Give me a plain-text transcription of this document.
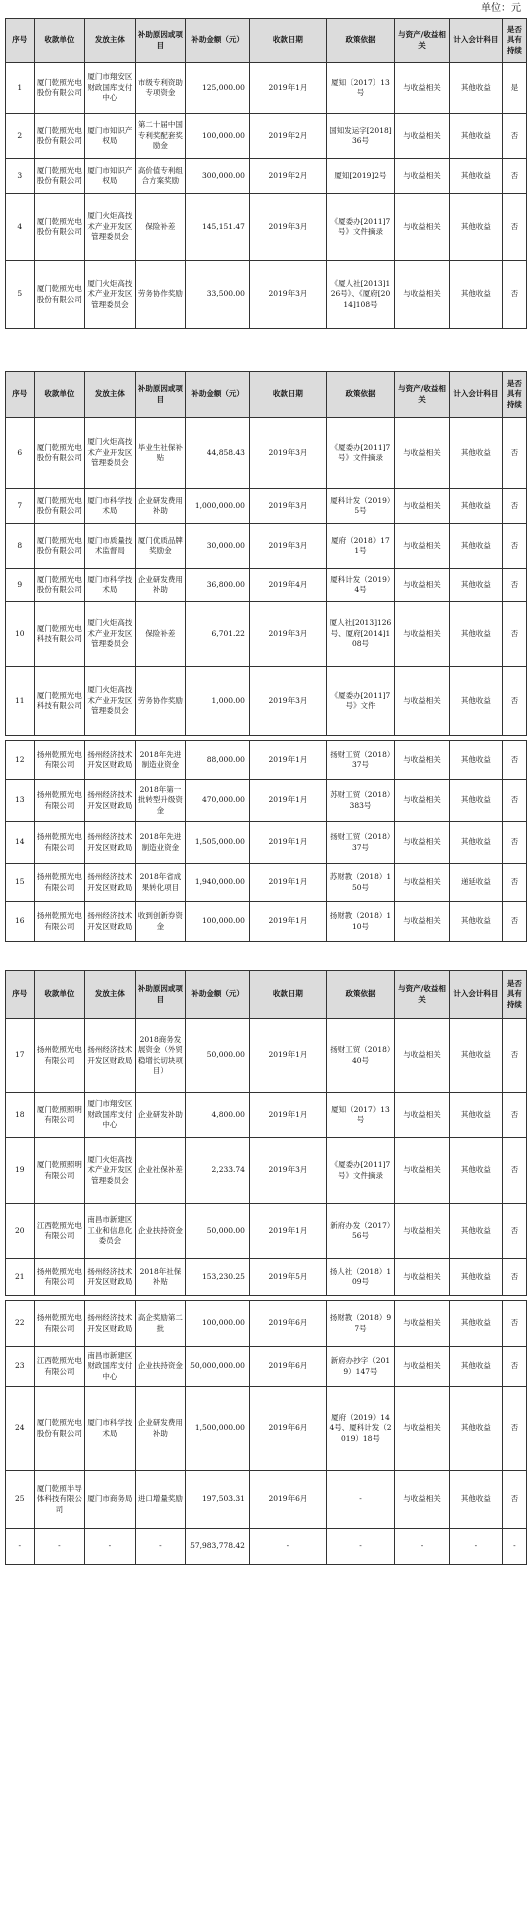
单位：元
序号	收款单位	发放主体	补助原因或项目	补助金额（元）	收款日期	政策依据	与资产/收益相关	计入会计科目	是否具有持续
1	厦门乾照光电股份有限公司	厦门市翔安区财政国库支付中心	市级专利资助专项资金	125,000.00	2019年1月	厦知〔2017〕13号	与收益相关	其他收益	是
2	厦门乾照光电股份有限公司	厦门市知识产权局	第二十届中国专利奖配套奖励金	100,000.00	2019年2月	国知发运字[2018]36号	与收益相关	其他收益	否
3	厦门乾照光电股份有限公司	厦门市知识产权局	高价值专利组合方案奖励	300,000.00	2019年2月	厦知[2019]2号	与收益相关	其他收益	否
4	厦门乾照光电股份有限公司	厦门火炬高技术产业开发区管理委员会	保险补差	145,151.47	2019年3月	《厦委办[2011]7号》文件摘录	与收益相关	其他收益	否
5	厦门乾照光电股份有限公司	厦门火炬高技术产业开发区管理委员会	劳务协作奖励	33,500.00	2019年3月	《厦人社[2013]126号》、《厦府[2014]108号	与收益相关	其他收益	否
序号	收款单位	发放主体	补助原因或项目	补助金额（元）	收款日期	政策依据	与资产/收益相关	计入会计科目	是否具有持续
6	厦门乾照光电股份有限公司	厦门火炬高技术产业开发区管理委员会	毕业生社保补贴	44,858.43	2019年3月	《厦委办[2011]7号》文件摘录	与收益相关	其他收益	否
7	厦门乾照光电股份有限公司	厦门市科学技术局	企业研发费用补助	1,000,000.00	2019年3月	厦科计发（2019）5号	与收益相关	其他收益	否
8	厦门乾照光电股份有限公司	厦门市质量技术监督局	厦门优质品牌奖励金	30,000.00	2019年3月	厦府（2018）171号	与收益相关	其他收益	否
9	厦门乾照光电股份有限公司	厦门市科学技术局	企业研发费用补助	36,800.00	2019年4月	厦科计发（2019）4号	与收益相关	其他收益	否
10	厦门乾照光电科技有限公司	厦门火炬高技术产业开发区管理委员会	保险补差	6,701.22	2019年3月	厦人社[2013]126号、厦府[2014]108号	与收益相关	其他收益	否
11	厦门乾照光电科技有限公司	厦门火炬高技术产业开发区管理委员会	劳务协作奖励	1,000.00	2019年3月	《厦委办[2011]7号》文件	与收益相关	其他收益	否
12	扬州乾照光电有限公司	扬州经济技术开发区财政局	2018年先进制造业资金	88,000.00	2019年1月	扬财工贸（2018）37号	与收益相关	其他收益	否
13	扬州乾照光电有限公司	扬州经济技术开发区财政局	2018年第一批转型升级资金	470,000.00	2019年1月	苏财工贸（2018）383号	与收益相关	其他收益	否
14	扬州乾照光电有限公司	扬州经济技术开发区财政局	2018年先进制造业资金	1,505,000.00	2019年1月	扬财工贸（2018）37号	与收益相关	其他收益	否
15	扬州乾照光电有限公司	扬州经济技术开发区财政局	2018年省成果转化项目	1,940,000.00	2019年1月	苏财教（2018）150号	与收益相关	递延收益	否
16	扬州乾照光电有限公司	扬州经济技术开发区财政局	收到创新券资金	100,000.00	2019年1月	扬财教（2018）110号	与收益相关	其他收益	否
序号	收款单位	发放主体	补助原因或项目	补助金额（元）	收款日期	政策依据	与资产/收益相关	计入会计科目	是否具有持续
17	扬州乾照光电有限公司	扬州经济技术开发区财政局	2018商务发展资金（外贸稳增长切块项目）	50,000.00	2019年1月	扬财工贸（2018）40号	与收益相关	其他收益	否
18	厦门乾照照明有限公司	厦门市翔安区财政国库支付中心	企业研发补助	4,800.00	2019年1月	厦知（2017）13号	与收益相关	其他收益	否
19	厦门乾照照明有限公司	厦门火炬高技术产业开发区管理委员会	企业社保补差	2,233.74	2019年3月	《厦委办[2011]7号》文件摘录	与收益相关	其他收益	否
20	江西乾照光电有限公司	南昌市新建区工业和信息化委员会	企业扶持资金	50,000.00	2019年1月	新府办发（2017）56号	与收益相关	其他收益	否
21	扬州乾照光电有限公司	扬州经济技术开发区财政局	2018年社保补贴	153,230.25	2019年5月	扬人社（2018）109号	与收益相关	其他收益	否
22	扬州乾照光电有限公司	扬州经济技术开发区财政局	高企奖励第二批	100,000.00	2019年6月	扬财教（2018）97号	与收益相关	其他收益	否
23	江西乾照光电有限公司	南昌市新建区财政国库支付中心	企业扶持资金	50,000,000.00	2019年6月	新府办抄字（2019）147号	与收益相关	其他收益	否
24	厦门乾照光电股份有限公司	厦门市科学技术局	企业研发费用补助	1,500,000.00	2019年6月	厦府（2019）144号、厦科计发（2019）18号	与收益相关	其他收益	否
25	厦门乾照半导体科技有限公司	厦门市商务局	进口增量奖励	197,503.31	2019年6月	-	与收益相关	其他收益	否
-	-	-	-	57,983,778.42	-	-	-	-	-
